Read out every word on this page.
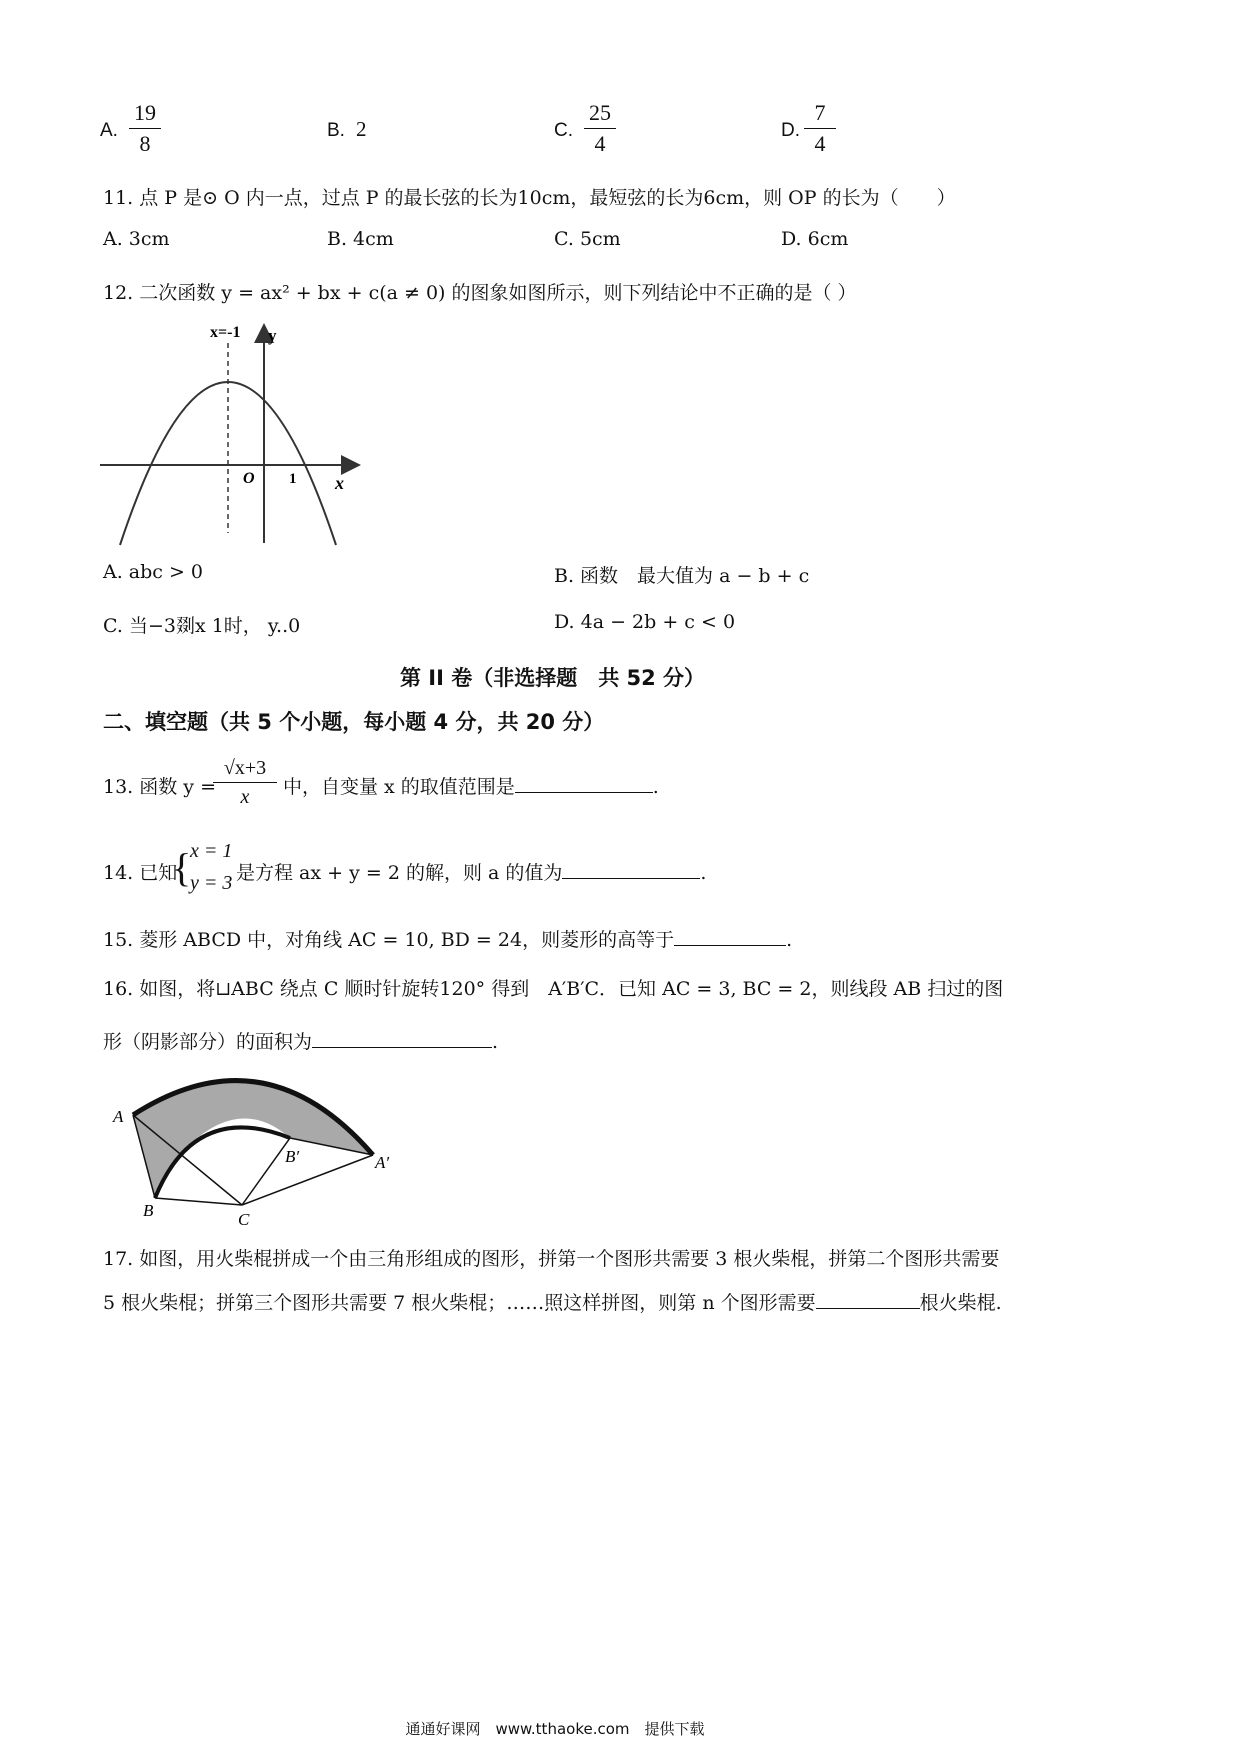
A.
19
8
B. 2	C.
25
4
D.
7
4
11. 点 P 是⊙ O 内一点，过点 P 的最长弦的长为10cm，最短弦的长为6cm，则 OP 的长为（　　）
A. 3cm	B. 4cm	C. 5cm	D. 6cm
12. 二次函数 y = ax² + bx + c(a ≠ 0) 的图象如图所示，则下列结论中不正确的是（ ）
x=-1 y
O 1 x
A. abc > 0	B. 函数　最大值为 a − b + c
C. 当−3剟x 1时， y..0	D. 4a − 2b + c < 0
第 II 卷（非选择题　共 52 分）
二、填空题（共 5 个小题，每小题 4 分，共 20 分）
13. 函数 y =
√x+3
x	中，自变量 x 的取值范围是	.
14. 已知
{
x = 1
y = 3 是方程 ax + y = 2 的解，则 a 的值为	.
15. 菱形 ABCD 中，对角线 AC = 10, BD = 24，则菱形的高等于	.
16. 如图，将⊔ABC 绕点 C 顺时针旋转120° 得到　A′B′C．已知 AC = 3, BC = 2，则线段 AB 扫过的图
形（阴影部分）的面积为	.
A
B	C
A′
B′
17. 如图，用火柴棍拼成一个由三角形组成的图形，拼第一个图形共需要 3 根火柴棍，拼第二个图形共需要
5 根火柴棍；拼第三个图形共需要 7 根火柴棍；……照这样拼图，则第 n 个图形需要	根火柴棍.
通通好课网　www.tthaoke.com　提供下载
